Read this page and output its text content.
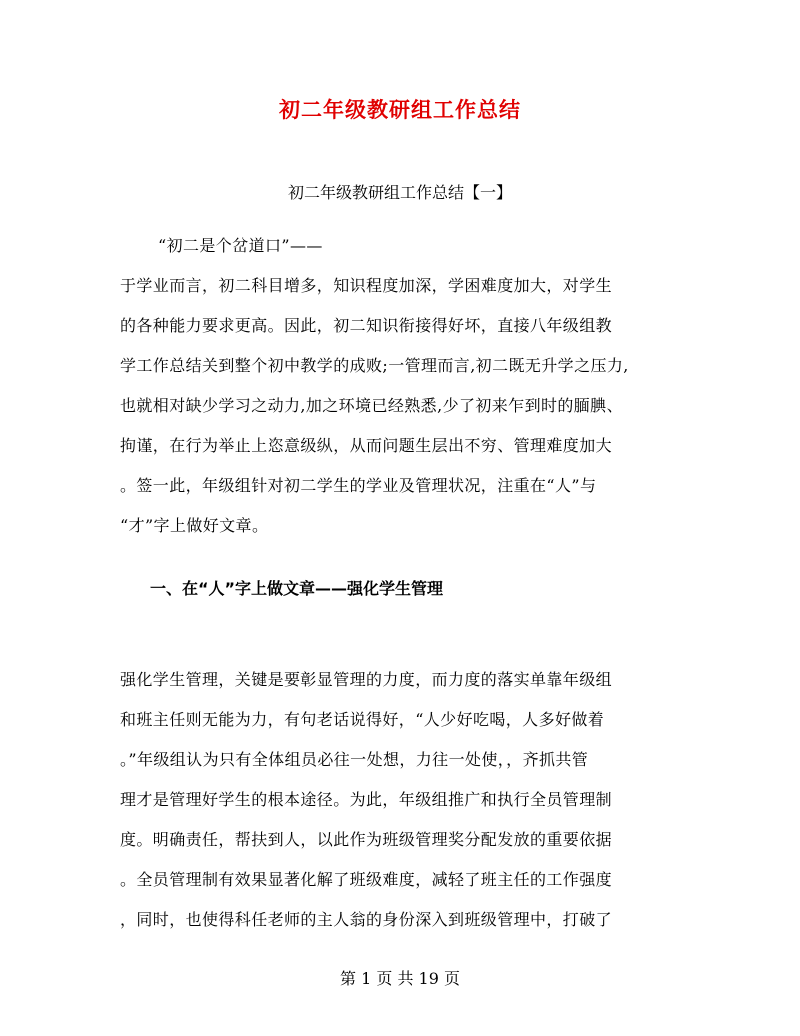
初二年级教研组工作总结
初二年级教研组工作总结【一】
“初二是个岔道口”——
于学业而言，初二科目增多，知识程度加深，学困难度加大，对学生
的各种能力要求更高。因此，初二知识衔接得好坏，直接八年级组教
学工作总结关到整个初中教学的成败;一管理而言,初二既无升学之压力,
也就相对缺少学习之动力,加之环境已经熟悉,少了初来乍到时的腼腆、
拘谨，在行为举止上恣意级纵，从而问题生层出不穷、管理难度加大
。签一此，年级组针对初二学生的学业及管理状况，注重在“人”与
“才”字上做好文章。
一、在“人”字上做文章——强化学生管理
强化学生管理，关键是要彰显管理的力度，而力度的落实单靠年级组
和班主任则无能为力，有句老话说得好，“人少好吃喝，人多好做着
。”年级组认为只有全体组员必往一处想，力往一处使，，齐抓共管
理才是管理好学生的根本途径。为此，年级组推广和执行全员管理制
度。明确责任，帮扶到人，以此作为班级管理奖分配发放的重要依据
。全员管理制有效果显著化解了班级难度，减轻了班主任的工作强度
，同时，也使得科任老师的主人翁的身份深入到班级管理中，打破了
第 1 页 共 19 页
